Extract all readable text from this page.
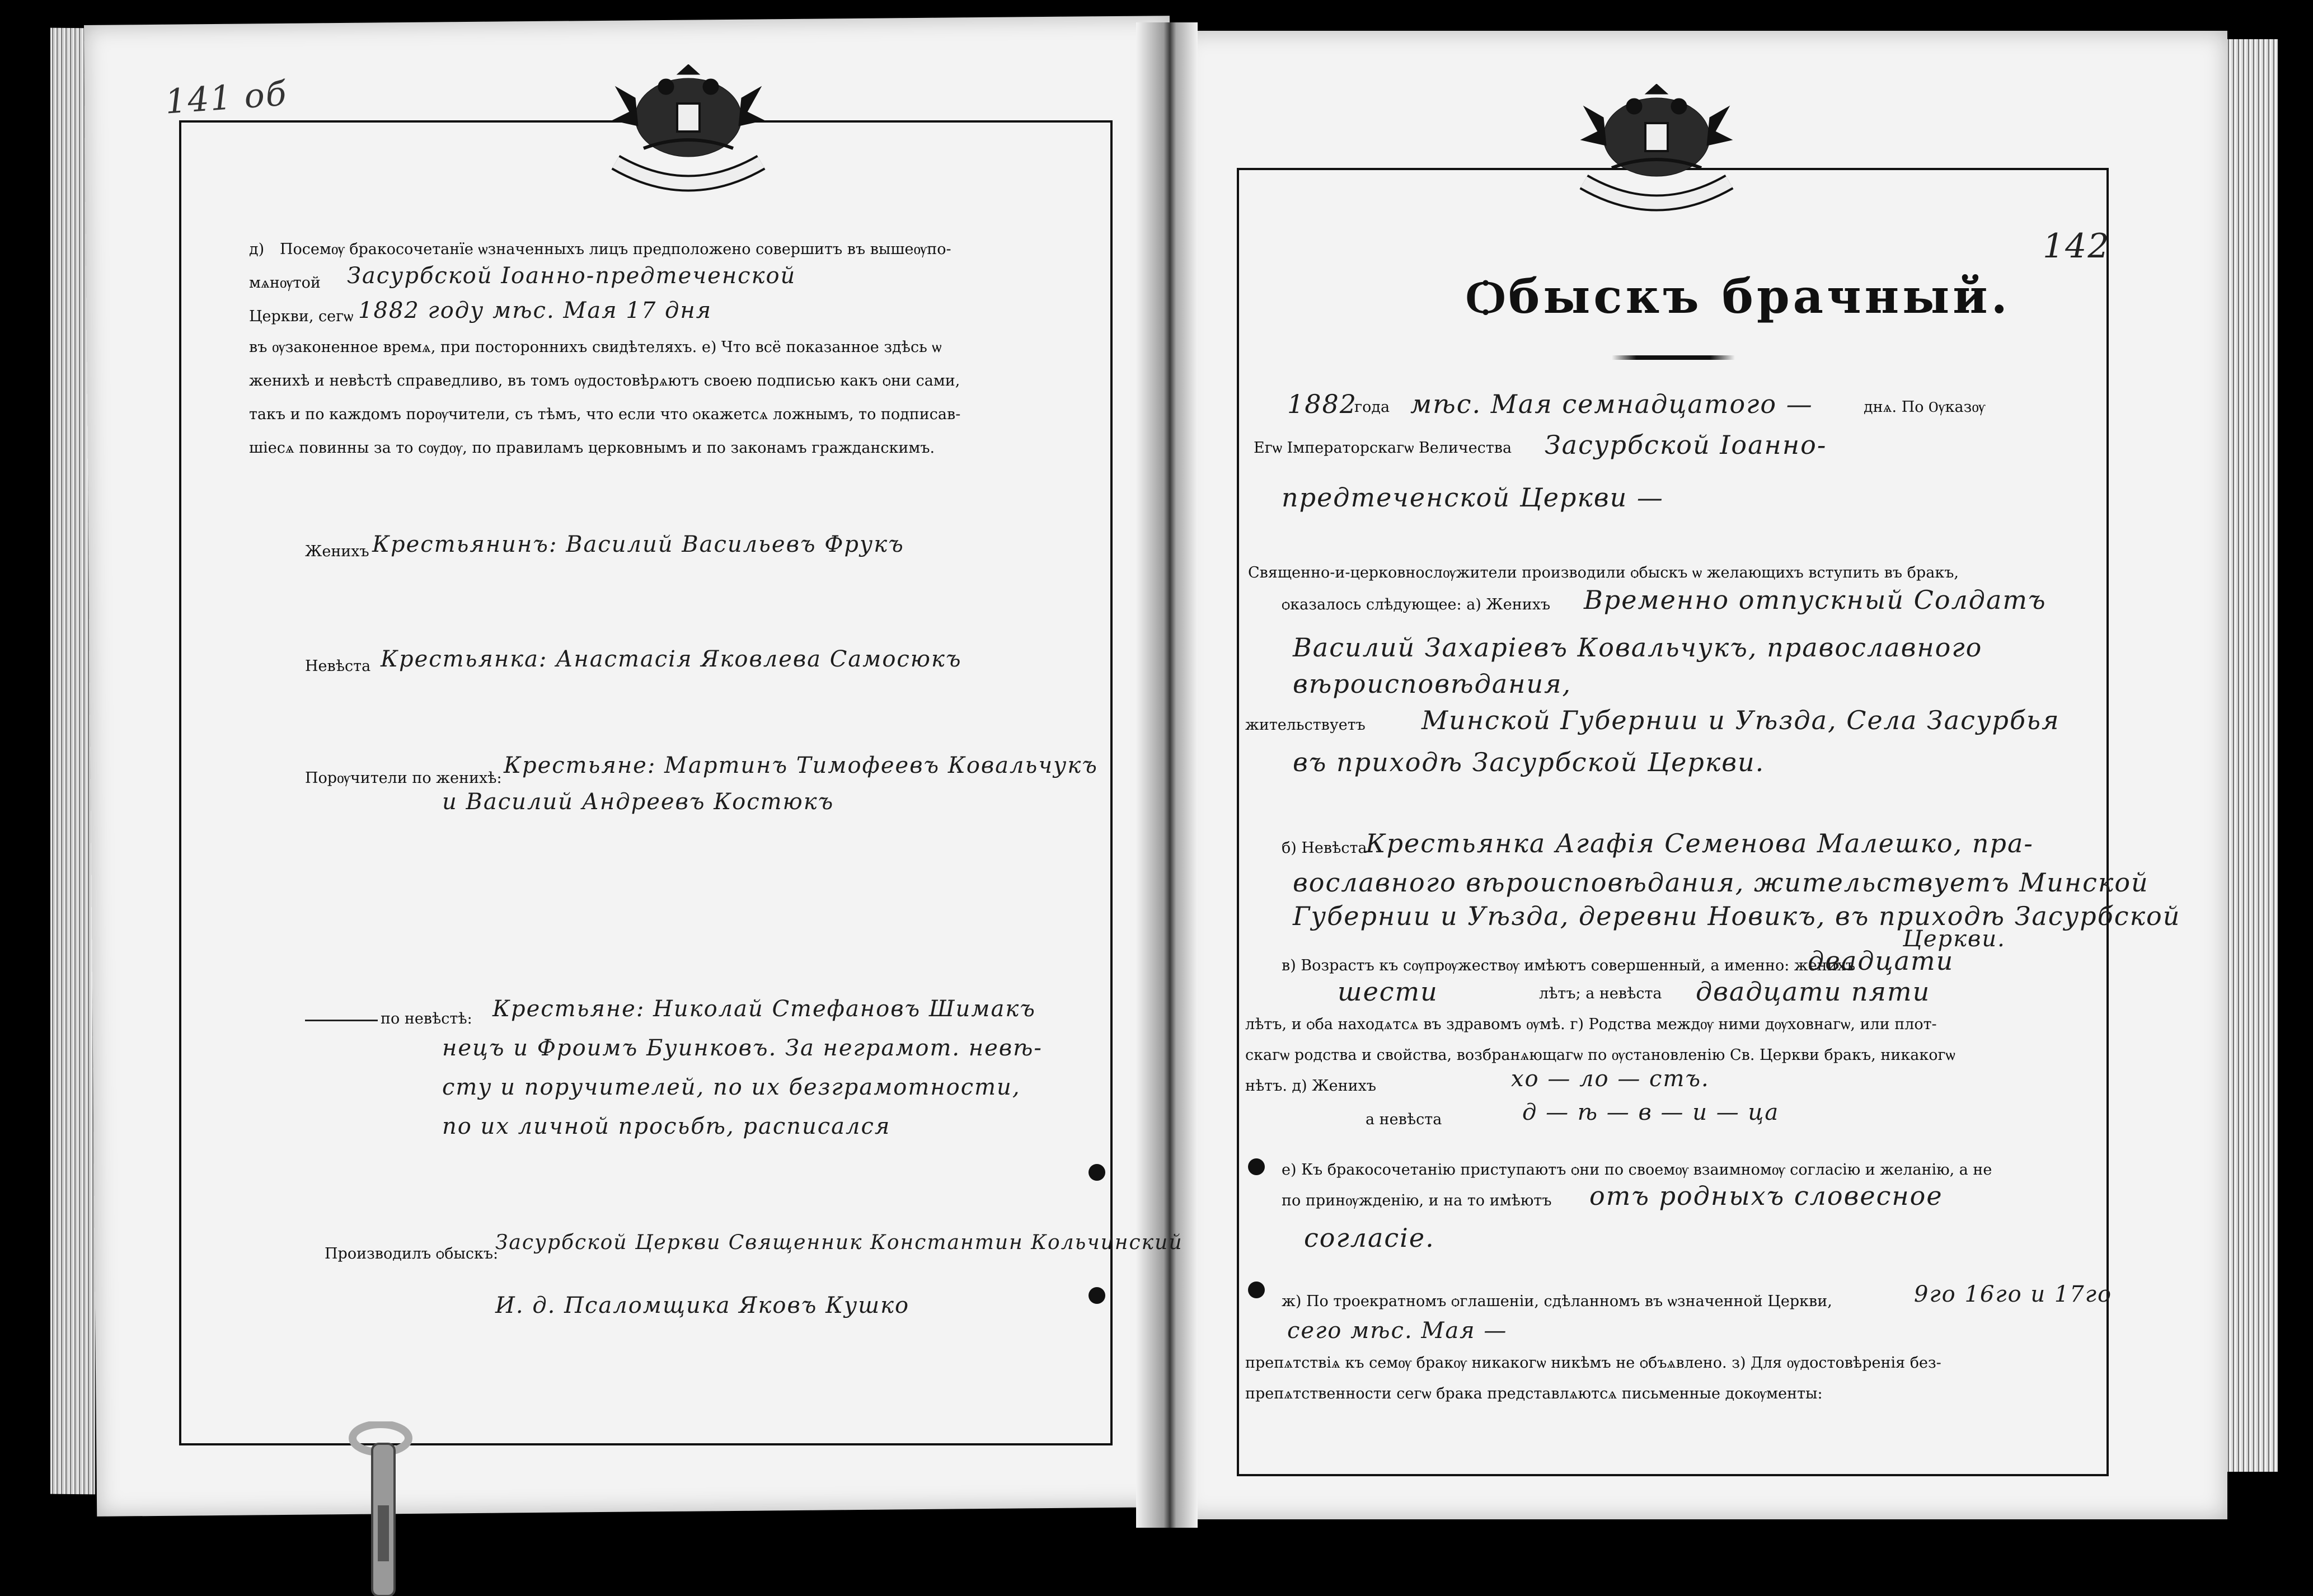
141 об
142
д) Посемѹ бракосочетанїе ѡзначенныхъ лицъ предположено совершитъ въ вышеѹпо-
мѧнѹтой Засурбской Іоанно-предтеченской
Церкви, сегѡ 1882 году мѣс. Мая 17 дня
въ ѹзаконенное времѧ, при посторонниxъ свидѣтеляxъ. е) Что всё показанное здѣсь ѡ
женихѣ и невѣстѣ справедливо, въ томъ ѹдостовѣрѧютъ своею подписью какъ ѻни сами,
такъ и по каждомъ порѹчители, съ тѣмъ, что если что ѻкажетсѧ ложнымъ, то подписав-
шіесѧ повинны за то сѹдѹ, по правиламъ церковнымъ и по законамъ гражданскимъ.
Женихъ Крестьянинъ: Василий Васильевъ Фрукъ
Невѣста Крестьянка: Анастасія Яковлева Самосюкъ
Порѹчители по женихѣ: Крестьяне: Мартинъ Тимофеевъ Ковальчукъ
и Василий Андреевъ Костюкъ
по невѣстѣ: Крестьяне: Николай Стефановъ Шимакъ
нецъ и Фроимъ Буинковъ. За неграмот. невѣ-
сту и поручителей, по их безграмотности,
по их личной просьбѣ, расписался
Производилъ ѻбыскъ:
Засурбской Церкви Священник Константин Кольчинский
И. д. Псаломщика Яковъ Кушко
Ѻбыскъ брачный.
1882
года мѣс. Мая семнадцатого —	днѧ. По Ѹказѹ
Егѡ Імператорскагѡ Величества Засурбской Іоанно-
предтеченской Церкви —
Священно-и-церковнослѹжители производили ѻбыскъ ѡ желающихъ вступить въ бракъ,
ѻказалось слѣдующее: а) Женихъ Временно отпускный Солдатъ
Василий Захарiевъ Ковальчукъ, православного
вѣроисповѣдания,
жительствуетъ Минской Губернии и Уѣзда, Села Засурбья
въ приходѣ Засурбской Церкви.
б) Невѣста
Крестьянка Агафія Семенова Малешко, пра-
вославного вѣроисповѣдания, жительствуетъ Минской
Губернии и Уѣзда, деревни Новикъ, въ приходѣ Засурбской
Церкви.
в) Возрастъ къ сѹпрѹжествѹ имѣютъ совершенный, а именно: женихъ
двадцати
шести	лѣтъ; а невѣста двадцати пяти
лѣтъ, и ѻба находѧтсѧ въ здравомъ ѹмѣ. г) Родства междѹ ними дѹховнагѡ, или плот-
скагѡ родства и свойства, возбранѧющагѡ по ѹстановленію Св. Церкви бракъ, никакогѡ
нѣтъ. д) Женихъ	хо — ло — стъ.
а невѣста	д — ѣ — в — и — ца
е) Къ бракосочетанію приступаютъ ѻни по своемѹ взаимномѹ согласію и желанію, а не
по принѹжденію, и на то имѣютъ отъ родныхъ словесное
согласіе.
ж) По троекратномъ ѻглашеніи, сдѣланномъ въ ѡзначенной Церкви,	9го 16го и 17го
сего мѣс. Мая —
препѧтствіѧ къ семѹ бракѹ никакогѡ никѣмъ не ѻбъѧвлено. з) Для ѹдостовѣренія без-
препѧтственности сегѡ брака представлѧютсѧ письменные докѹменты:
